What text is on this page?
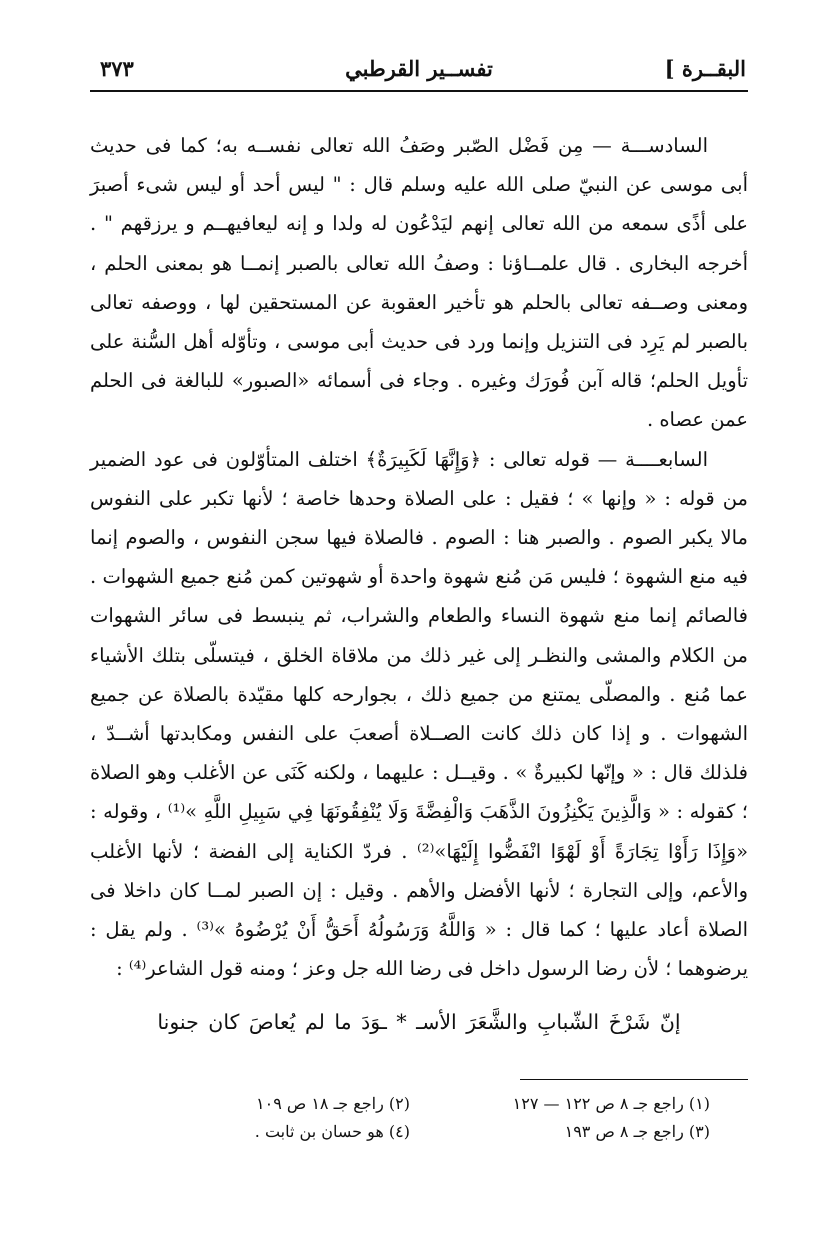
البقــرة ]
تفســير القرطبي
٣٧٣

السادســـة — مِن فَضْل الصّبر وصَفُ الله تعالى نفســه به؛ كما فى حديث أبى موسى عن النبيّ صلى الله عليه وسلم قال : " ليس أحد أو ليس شىء أصبرَ على أذًى سمعه من الله تعالى إنهم ليَدْعُون له ولدا و إنه ليعافيهــم و يرزقهم " . أخرجه البخارى . قال علمــاؤنا : وصفُ الله تعالى بالصبر إنمــا هو بمعنى الحلم ، ومعنى وصــفه تعالى بالحلم هو تأخير العقوبة عن المستحقين لها ، ووصفه تعالى بالصبر لم يَرِد فى التنزيل وإنما ورد فى حديث أبى موسى ، وتأوّله أهل السُّنة على تأويل الحلم؛ قاله آبن فُورَك وغيره . وجاء فى أسمائه «الصبور» للبالغة فى الحلم عمن عصاه .

السابعــــة — قوله تعالى : ﴿وَإِنَّهَا لَكَبِيرَةٌ﴾ اختلف المتأوّلون فى عود الضمير من قوله : « وإنها » ؛ فقيل : على الصلاة وحدها خاصة ؛ لأنها تكبر على النفوس مالا يكبر الصوم . والصبر هنا : الصوم . فالصلاة فيها سجن النفوس ، والصوم إنما فيه منع الشهوة ؛ فليس مَن مُنع شهوة واحدة أو شهوتين كمن مُنع جميع الشهوات . فالصائم إنما منع شهوة النساء والطعام والشراب، ثم ينبسط فى سائر الشهوات من الكلام والمشى والنظـر إلى غير ذلك من ملاقاة الخلق ، فيتسلّى بتلك الأشياء عما مُنع . والمصلّى يمتنع من جميع ذلك ، بجوارحه كلها مقيّدة بالصلاة عن جميع الشهوات . و إذا كان ذلك كانت الصــلاة أصعبَ على النفس ومكابدتها أشــدّ ، فلذلك قال : « وإنّها لكبيرةٌ » . وقيــل : عليهما ، ولكنه كَنَى عن الأغلب وهو الصلاة ؛ كقوله : « وَالَّذِينَ يَكْنِزُونَ الذَّهَبَ وَالْفِضَّةَ وَلَا يُنْفِقُونَهَا فِي سَبِيلِ اللَّهِ »⁽¹⁾ ، وقوله : «وَإِذَا رَأَوْا تِجَارَةً أَوْ لَهْوًا انْفَضُّوا إِلَيْهَا»⁽²⁾ . فردّ الكناية إلى الفضة ؛ لأنها الأغلب والأعم، وإلى التجارة ؛ لأنها الأفضل والأهم . وقيل : إن الصبر لمــا كان داخلا فى الصلاة أعاد عليها ؛ كما قال : « وَاللَّهُ وَرَسُولُهُ أَحَقُّ أَنْ يُرْضُوهُ »⁽³⁾ . ولم يقل : يرضوهما ؛ لأن رضا الرسول داخل فى رضا الله جل وعز ؛ ومنه قول الشاعر⁽⁴⁾ :

إنّ شَرْخَ الشّبابِ والشَّعَرَ الأسـ * ـوَدَ ما لم يُعاصَ كان جنونا
(١) راجع جـ ٨ ص ١٢٢ — ١٢٧
(٢) راجع جـ ١٨ ص ١٠٩
(٣) راجع جـ ٨ ص ١٩٣
(٤) هو حسان بن ثابت .
